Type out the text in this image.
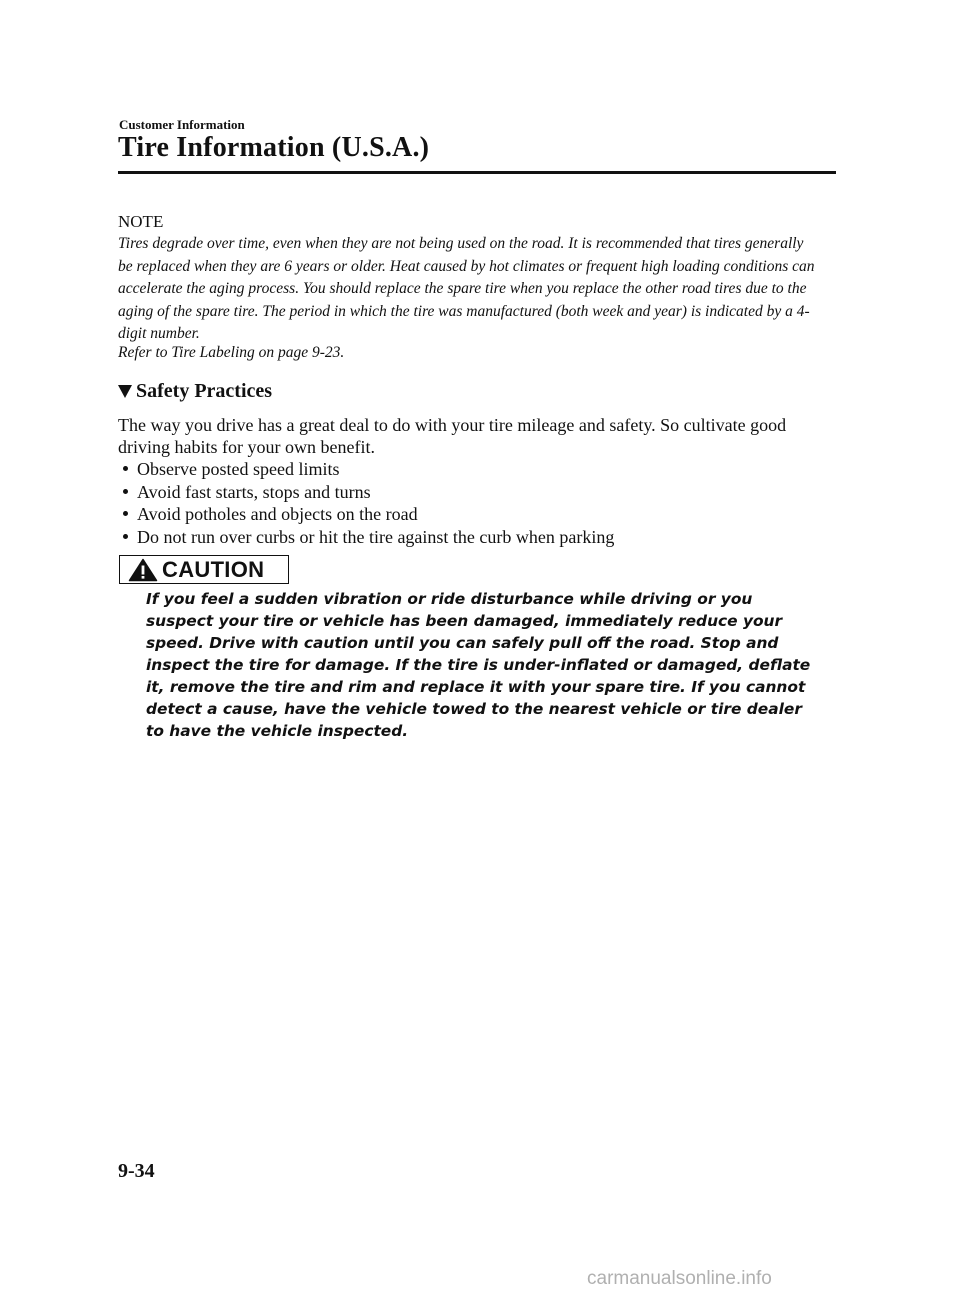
Customer Information

Tire Information (U.S.A.)

NOTE

Tires degrade over time, even when they are not being used on the road. It is recommended that tires generally be replaced when they are 6 years or older. Heat caused by hot climates or frequent high loading conditions can accelerate the aging process. You should replace the spare tire when you replace the other road tires due to the aging of the spare tire. The period in which the tire was manufactured (both week and year) is indicated by a 4-digit number.

Refer to Tire Labeling on page 9-23.

Safety Practices

The way you drive has a great deal to do with your tire mileage and safety. So cultivate good driving habits for your own benefit.

Observe posted speed limits
Avoid fast starts, stops and turns
Avoid potholes and objects on the road
Do not run over curbs or hit the tire against the curb when parking
CAUTION

If you feel a sudden vibration or ride disturbance while driving or you suspect your tire or vehicle has been damaged, immediately reduce your speed. Drive with caution until you can safely pull off the road. Stop and inspect the tire for damage. If the tire is under-inflated or damaged, deflate it, remove the tire and rim and replace it with your spare tire. If you cannot detect a cause, have the vehicle towed to the nearest vehicle or tire dealer to have the vehicle inspected.

9-34

carmanualsonline.info
